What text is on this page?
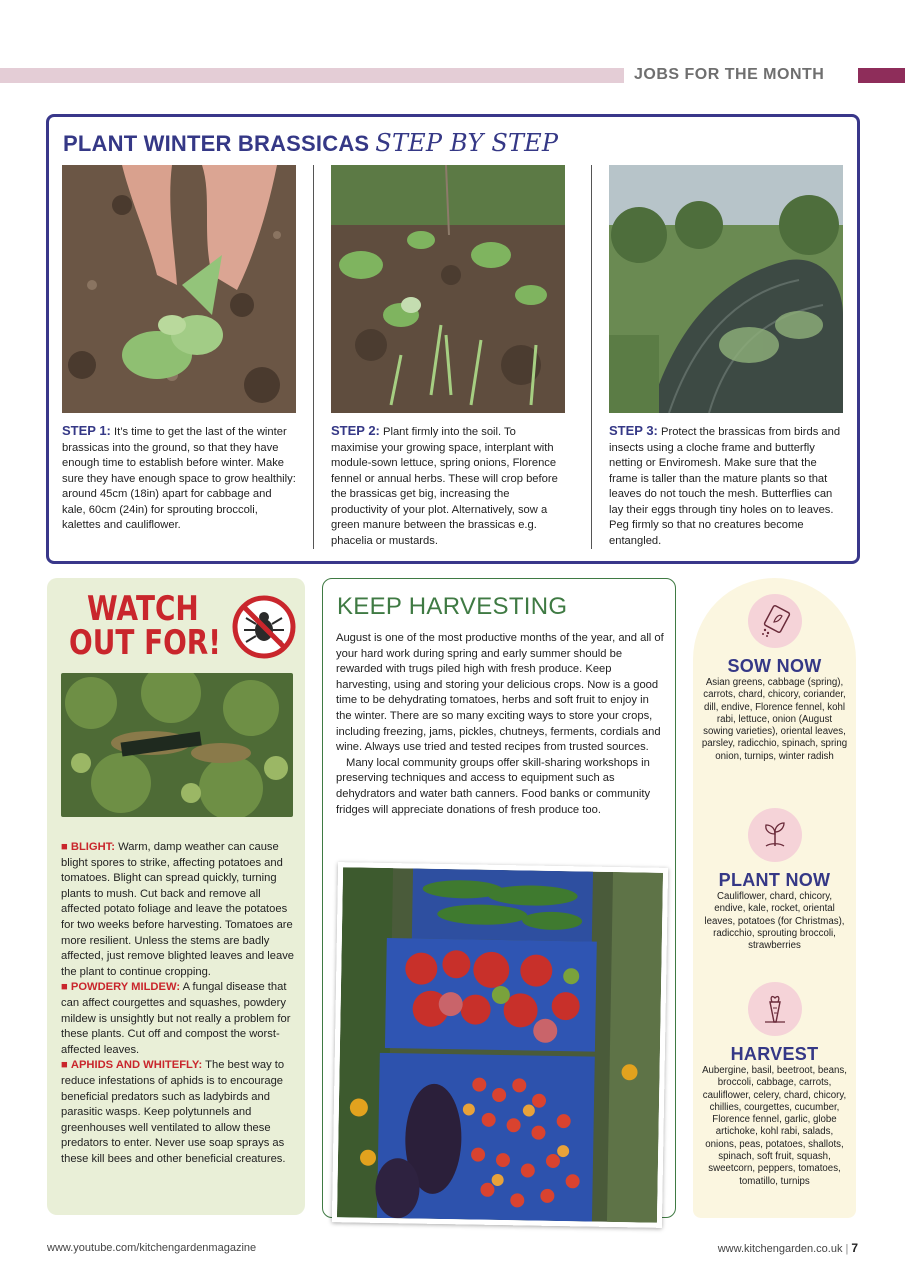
JOBS FOR THE MONTH
PLANT WINTER BRASSICAS STEP BY STEP
STEP 1: It’s time to get the last of the winter brassicas into the ground, so that they have enough time to establish before winter. Make sure they have enough space to grow healthily: around 45cm (18in) apart for cabbage and kale, 60cm (24in) for sprouting broccoli, kalettes and cauliflower.
STEP 2: Plant firmly into the soil. To maximise your growing space, interplant with module-sown lettuce, spring onions, Florence fennel or annual herbs. These will crop before the brassicas get big, increasing the productivity of your plot. Alternatively, sow a green manure between the brassicas e.g. phacelia or mustards.
STEP 3: Protect the brassicas from birds and insects using a cloche frame and butterfly netting or Enviromesh. Make sure that the frame is taller than the mature plants so that leaves do not touch the mesh. Butterflies can lay their eggs through tiny holes on to leaves. Peg firmly so that no creatures become entangled.
WATCH
OUT FOR!
■ BLIGHT: Warm, damp weather can cause blight spores to strike, affecting potatoes and tomatoes. Blight can spread quickly, turning plants to mush. Cut back and remove all affected potato foliage and leave the potatoes for two weeks before harvesting. Tomatoes are more resilient. Unless the stems are badly affected, just remove blighted leaves and leave the plant to continue cropping.
■ POWDERY MILDEW: A fungal disease that can affect courgettes and squashes, powdery mildew is unsightly but not really a problem for these plants. Cut off and compost the worst-affected leaves.
■ APHIDS AND WHITEFLY: The best way to reduce infestations of aphids is to encourage beneficial predators such as ladybirds and parasitic wasps. Keep polytunnels and greenhouses well ventilated to allow these predators to enter. Never use soap sprays as these kill bees and other beneficial creatures.
KEEP HARVESTING

August is one of the most productive months of the year, and all of your hard work during spring and early summer should be rewarded with trugs piled high with fresh produce. Keep harvesting, using and storing your delicious crops. Now is a good time to be dehydrating tomatoes, herbs and soft fruit to enjoy in the winter. There are so many exciting ways to store your crops, including freezing, jams, pickles, chutneys, ferments, cordials and wine. Always use tried and tested recipes from trusted sources.

Many local community groups offer skill-sharing workshops in preserving techniques and access to equipment such as dehydrators and water bath canners. Food banks or community fridges will appreciate donations of fresh produce too.

SOW NOW
Asian greens, cabbage (spring), carrots, chard, chicory, coriander, dill, endive, Florence fennel, kohl rabi, lettuce, onion (August sowing varieties), oriental leaves, parsley, radicchio, spinach, spring onion, turnips, winter radish
PLANT NOW
Cauliflower, chard, chicory, endive, kale, rocket, oriental leaves, potatoes (for Christmas), radicchio, sprouting broccoli, strawberries
HARVEST
Aubergine, basil, beetroot, beans, broccoli, cabbage, carrots, cauliflower, celery, chard, chicory, chillies, courgettes, cucumber, Florence fennel, garlic, globe artichoke, kohl rabi, salads, onions, peas, potatoes, shallots, spinach, soft fruit, squash, sweetcorn, peppers, tomatoes, tomatillo, turnips
www.youtube.com/kitchengardenmagazine	www.kitchengarden.co.uk | 7
